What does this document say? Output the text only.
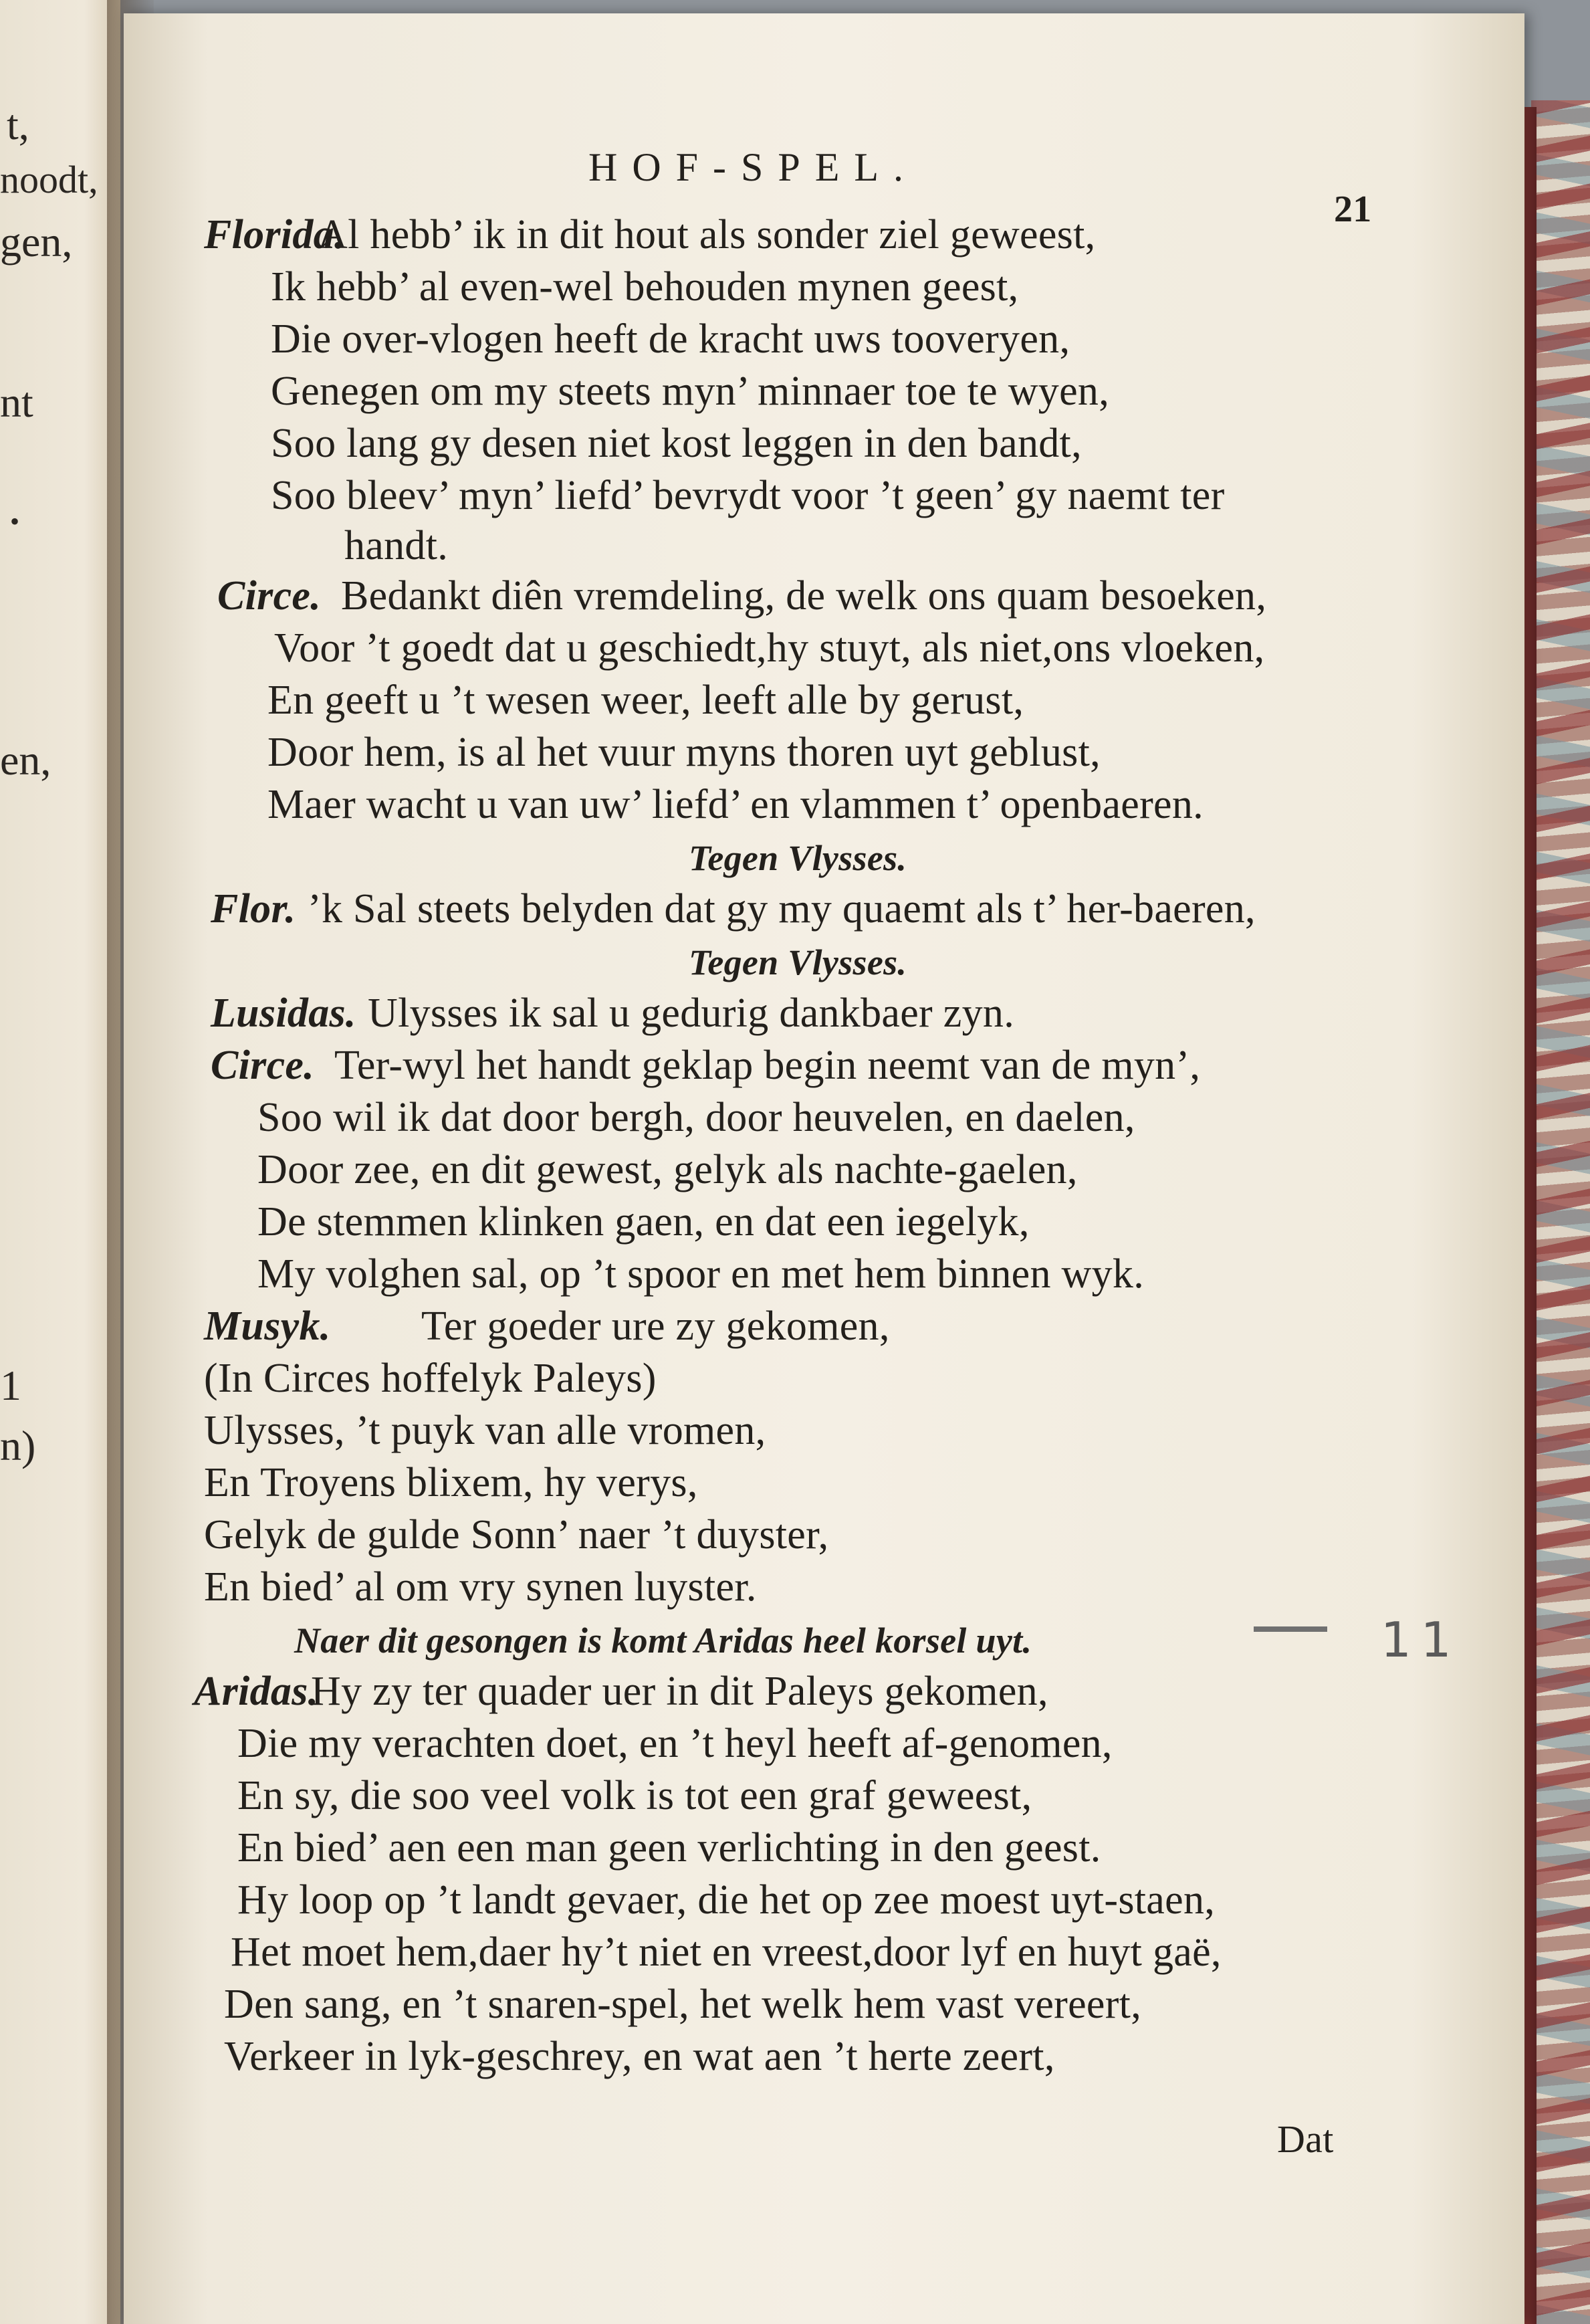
t,
noodt,
gen,
nt
•
en,
1
n)
HOF-SPEL.
21
Florida.
Al hebb’ ik in dit hout als sonder ziel geweest,
Ik hebb’ al even-wel behouden mynen geest,
Die over-vlogen heeft de kracht uws tooveryen,
Genegen om my steets myn’ minnaer toe te wyen,
Soo lang gy desen niet kost leggen in den bandt,
Soo bleev’ myn’ liefd’ bevrydt voor ’t geen’ gy naemt ter
handt.
Circe. Bedankt diên vremdeling, de welk ons quam besoeken,
Voor ’t goedt dat u geschiedt,hy stuyt, als niet,ons vloeken,
En geeft u ’t wesen weer, leeft alle by gerust,
Door hem, is al het vuur myns thoren uyt geblust,
Maer wacht u van uw’ liefd’ en vlammen t’ openbaeren.
Tegen Vlysses.
Flor. ’k Sal steets belyden dat gy my quaemt als t’ her-baeren,
Tegen Vlysses.
Lusidas. Ulysses ik sal u gedurig dankbaer zyn.
Circe. Ter-wyl het handt geklap begin neemt van de myn’,
Soo wil ik dat door bergh, door heuvelen, en daelen,
Door zee, en dit gewest, gelyk als nachte-gaelen,
De stemmen klinken gaen, en dat een iegelyk,
My volghen sal, op ’t spoor en met hem binnen wyk.
Musyk. Ter goeder ure zy gekomen,
(In Circes hoffelyk Paleys)
Ulysses, ’t puyk van alle vromen,
En Troyens blixem, hy verys,
Gelyk de gulde Sonn’ naer ’t duyster,
En bied’ al om vry synen luyster.
Naer dit gesongen is komt Aridas heel korsel uyt.
Aridas.
Hy zy ter quader uer in dit Paleys gekomen,
Die my verachten doet, en ’t heyl heeft af-genomen,
En sy, die soo veel volk is tot een graf geweest,
En bied’ aen een man geen verlichting in den geest.
Hy loop op ’t landt gevaer, die het op zee moest uyt-staen,
Het moet hem,daer hy’t niet en vreest,door lyf en huyt gaë,
Den sang, en ’t snaren-spel, het welk hem vast vereert,
Verkeer in lyk-geschrey, en wat aen ’t herte zeert,
Dat
11
